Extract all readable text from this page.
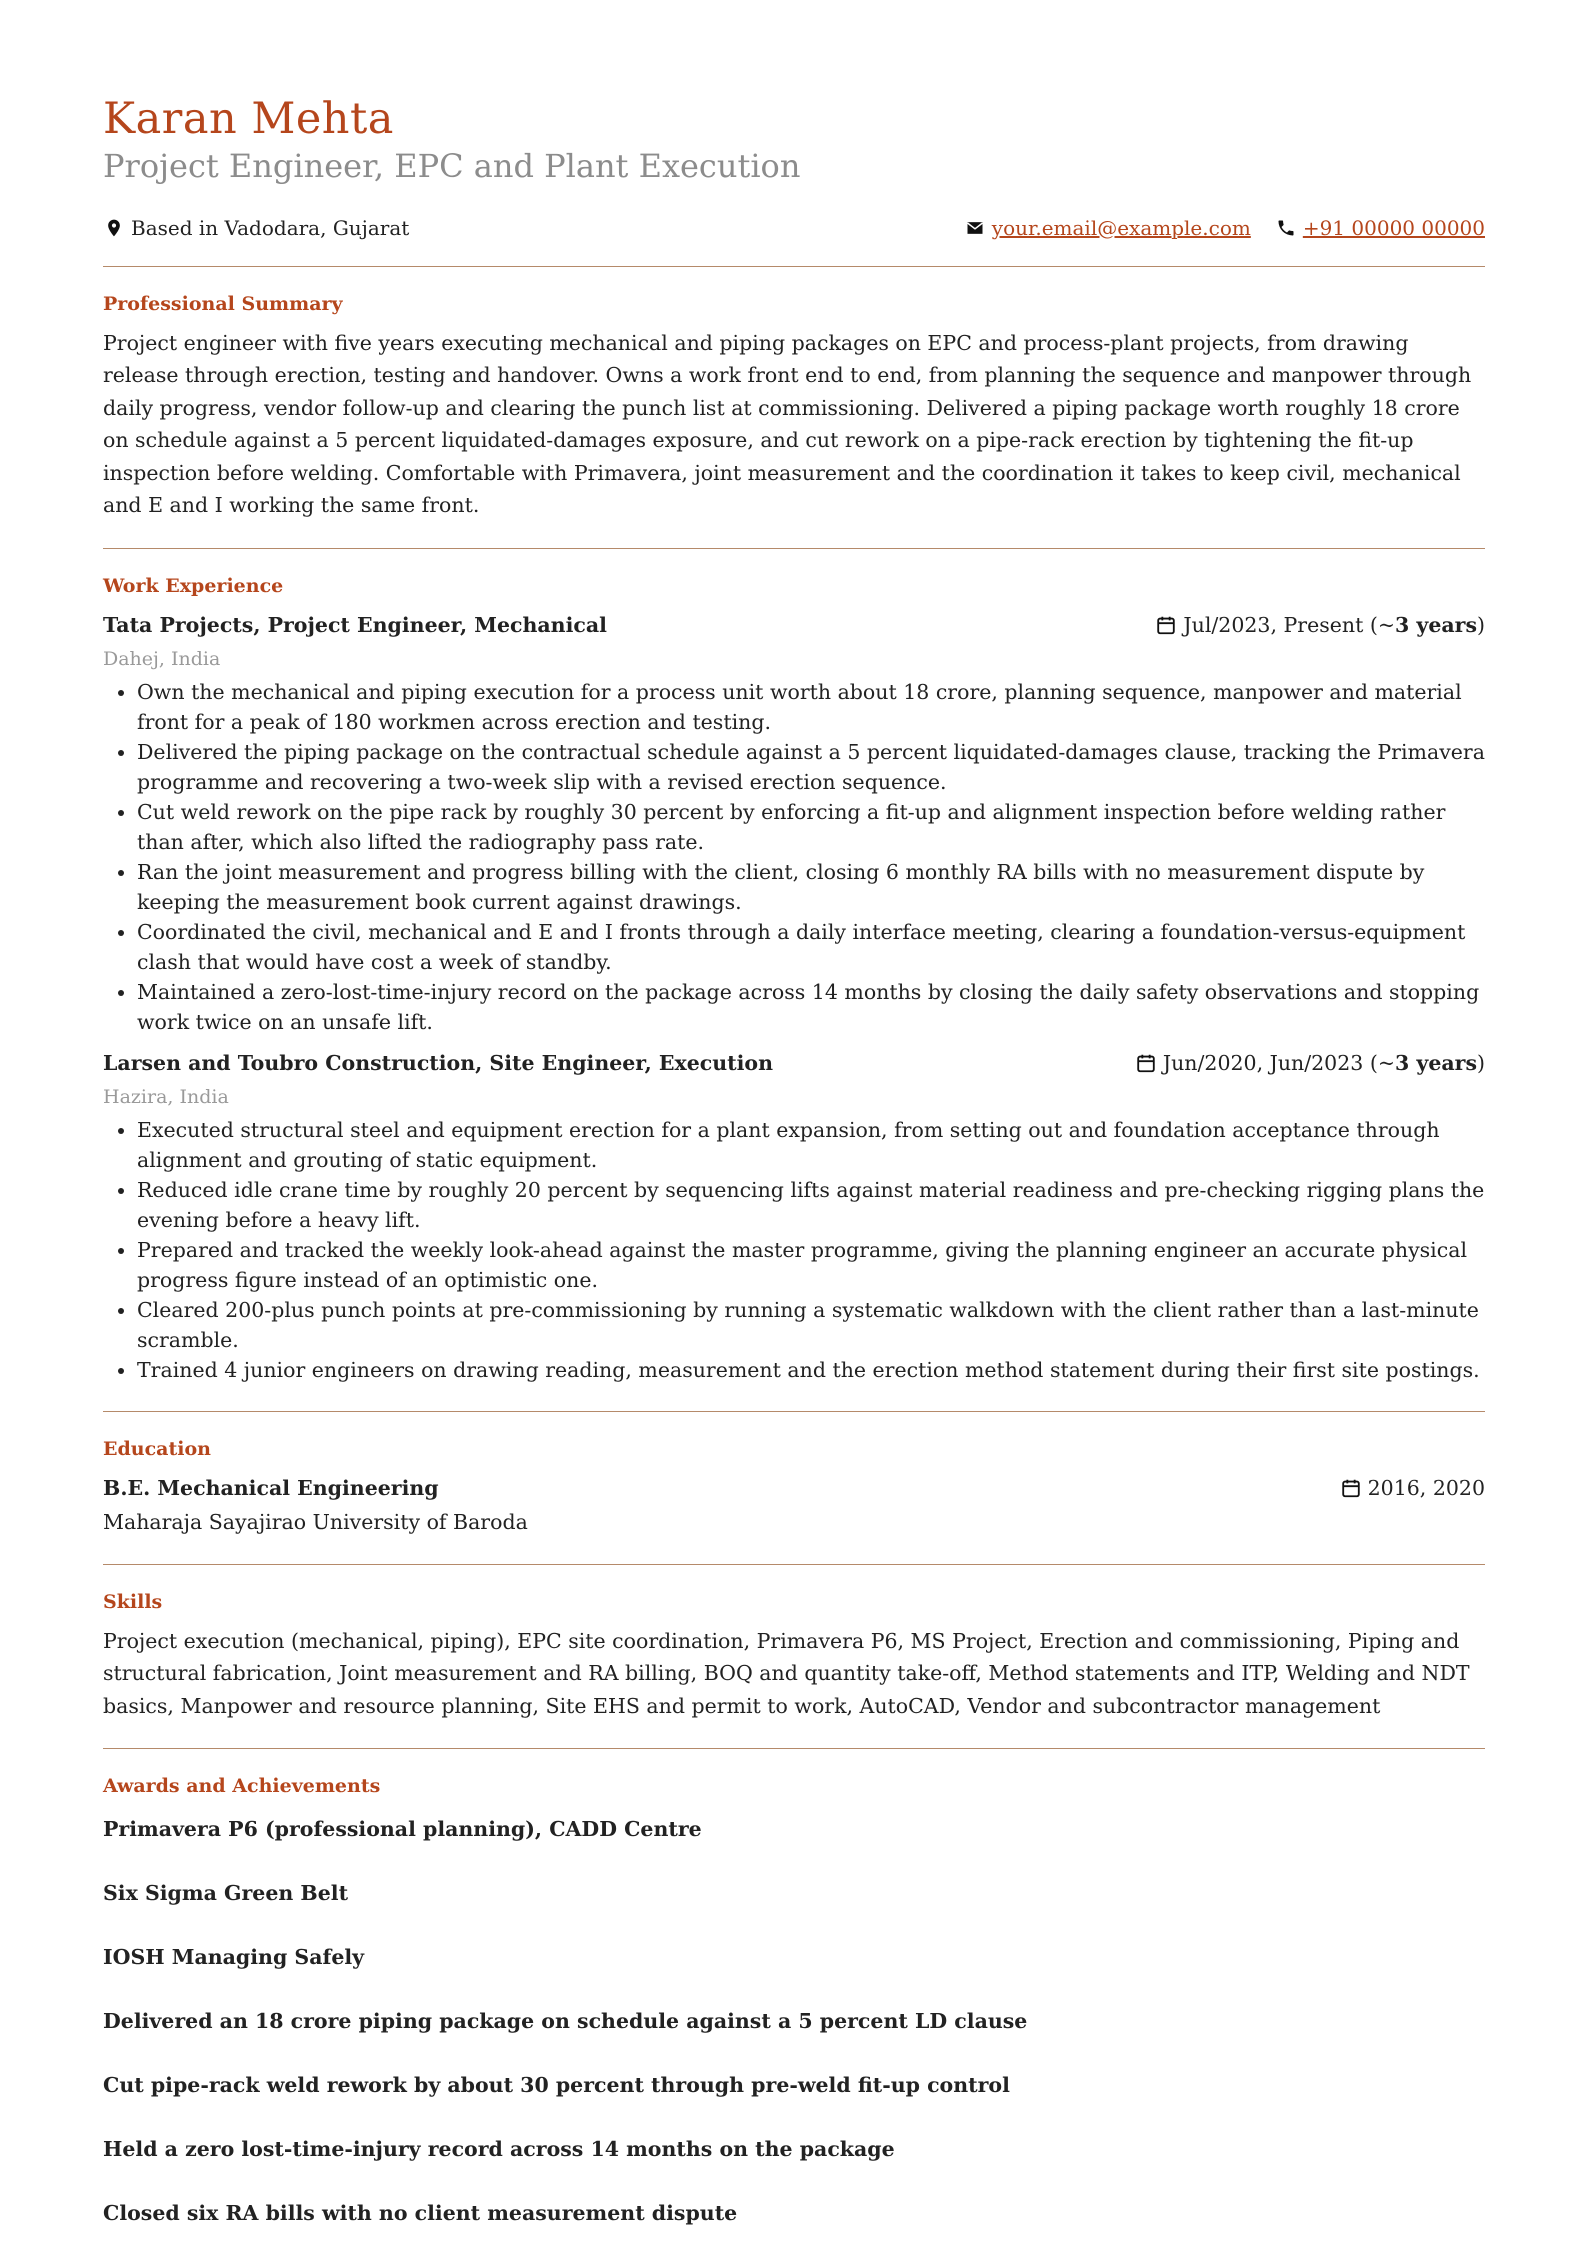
Karan Mehta
Project Engineer, EPC and Plant Execution
Based in Vadodara, Gujarat	your.email@example.com	+91 00000 00000
Professional Summary

Project engineer with five years executing mechanical and piping packages on EPC and process-plant projects, from drawing release through erection, testing and handover. Owns a work front end to end, from planning the sequence and manpower through daily progress, vendor follow-up and clearing the punch list at commissioning. Delivered a piping package worth roughly 18 crore on schedule against a 5 percent liquidated-damages exposure, and cut rework on a pipe-rack erection by tightening the fit-up inspection before welding. Comfortable with Primavera, joint measurement and the coordination it takes to keep civil, mechanical and E and I working the same front.

Work Experience
Tata Projects, Project Engineer, Mechanical	Jul/2023, Present (~ 3 years )
Dahej, India
• Own the mechanical and piping execution for a process unit worth about 18 crore, planning sequence, manpower and material front for a peak of 180 workmen across erection and testing.
• Delivered the piping package on the contractual schedule against a 5 percent liquidated-damages clause, tracking the Primavera programme and recovering a two-week slip with a revised erection sequence.
• Cut weld rework on the pipe rack by roughly 30 percent by enforcing a fit-up and alignment inspection before welding rather than after, which also lifted the radiography pass rate.
• Ran the joint measurement and progress billing with the client, closing 6 monthly RA bills with no measurement dispute by keeping the measurement book current against drawings.
• Coordinated the civil, mechanical and E and I fronts through a daily interface meeting, clearing a foundation-versus-equipment clash that would have cost a week of standby.
• Maintained a zero-lost-time-injury record on the package across 14 months by closing the daily safety observations and stopping work twice on an unsafe lift.
Larsen and Toubro Construction, Site Engineer, Execution	Jun/2020, Jun/2023 (~ 3 years )
Hazira, India
• Executed structural steel and equipment erection for a plant expansion, from setting out and foundation acceptance through alignment and grouting of static equipment.
• Reduced idle crane time by roughly 20 percent by sequencing lifts against material readiness and pre-checking rigging plans the evening before a heavy lift.
• Prepared and tracked the weekly look-ahead against the master programme, giving the planning engineer an accurate physical progress figure instead of an optimistic one.
• Cleared 200-plus punch points at pre-commissioning by running a systematic walkdown with the client rather than a last-minute scramble.
• Trained 4 junior engineers on drawing reading, measurement and the erection method statement during their first site postings.
Education
B.E. Mechanical Engineering	2016, 2020
Maharaja Sayajirao University of Baroda
Skills

Project execution (mechanical, piping), EPC site coordination, Primavera P6, MS Project, Erection and commissioning, Piping and structural fabrication, Joint measurement and RA billing, BOQ and quantity take-off, Method statements and ITP, Welding and NDT basics, Manpower and resource planning, Site EHS and permit to work, AutoCAD, Vendor and subcontractor management

Awards and Achievements
Primavera P6 (professional planning), CADD Centre
Six Sigma Green Belt
IOSH Managing Safely
Delivered an 18 crore piping package on schedule against a 5 percent LD clause
Cut pipe-rack weld rework by about 30 percent through pre-weld fit-up control
Held a zero lost-time-injury record across 14 months on the package
Closed six RA bills with no client measurement dispute
